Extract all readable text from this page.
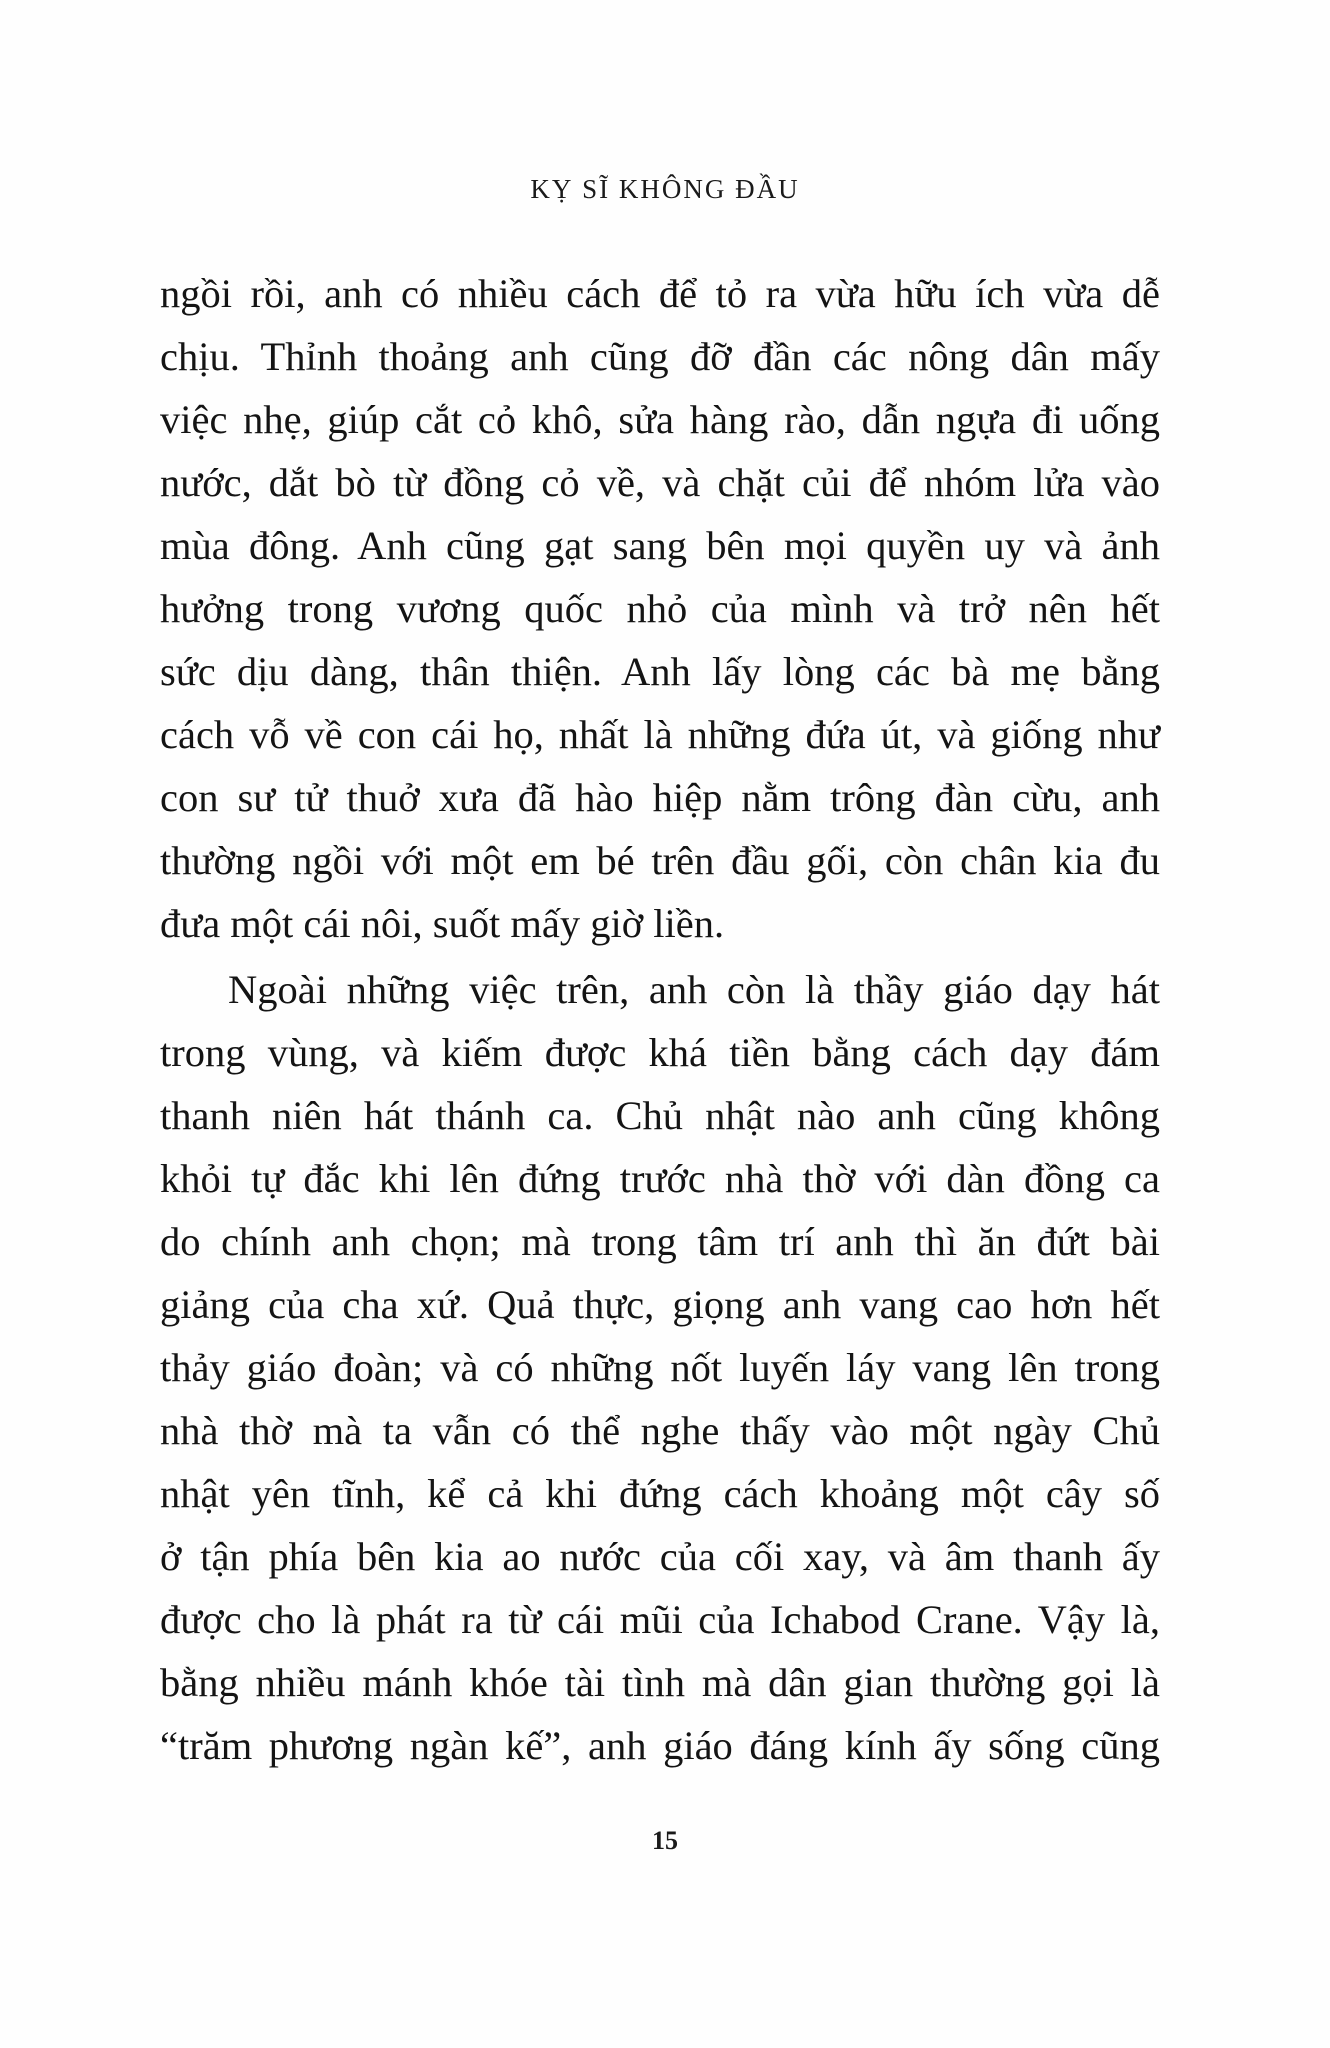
KỴ SĨ KHÔNG ĐẦU
ngồi rồi, anh có nhiều cách để tỏ ra vừa hữu ích vừa dễ
chịu. Thỉnh thoảng anh cũng đỡ đần các nông dân mấy
việc nhẹ, giúp cắt cỏ khô, sửa hàng rào, dẫn ngựa đi uống
nước, dắt bò từ đồng cỏ về, và chặt củi để nhóm lửa vào
mùa đông. Anh cũng gạt sang bên mọi quyền uy và ảnh
hưởng trong vương quốc nhỏ của mình và trở nên hết
sức dịu dàng, thân thiện. Anh lấy lòng các bà mẹ bằng
cách vỗ về con cái họ, nhất là những đứa út, và giống như
con sư tử thuở xưa đã hào hiệp nằm trông đàn cừu, anh
thường ngồi với một em bé trên đầu gối, còn chân kia đu
đưa một cái nôi, suốt mấy giờ liền.
Ngoài những việc trên, anh còn là thầy giáo dạy hát
trong vùng, và kiếm được khá tiền bằng cách dạy đám
thanh niên hát thánh ca. Chủ nhật nào anh cũng không
khỏi tự đắc khi lên đứng trước nhà thờ với dàn đồng ca
do chính anh chọn; mà trong tâm trí anh thì ăn đứt bài
giảng của cha xứ. Quả thực, giọng anh vang cao hơn hết
thảy giáo đoàn; và có những nốt luyến láy vang lên trong
nhà thờ mà ta vẫn có thể nghe thấy vào một ngày Chủ
nhật yên tĩnh, kể cả khi đứng cách khoảng một cây số
ở tận phía bên kia ao nước của cối xay, và âm thanh ấy
được cho là phát ra từ cái mũi của Ichabod Crane. Vậy là,
bằng nhiều mánh khóe tài tình mà dân gian thường gọi là
“trăm phương ngàn kế”, anh giáo đáng kính ấy sống cũng
15
